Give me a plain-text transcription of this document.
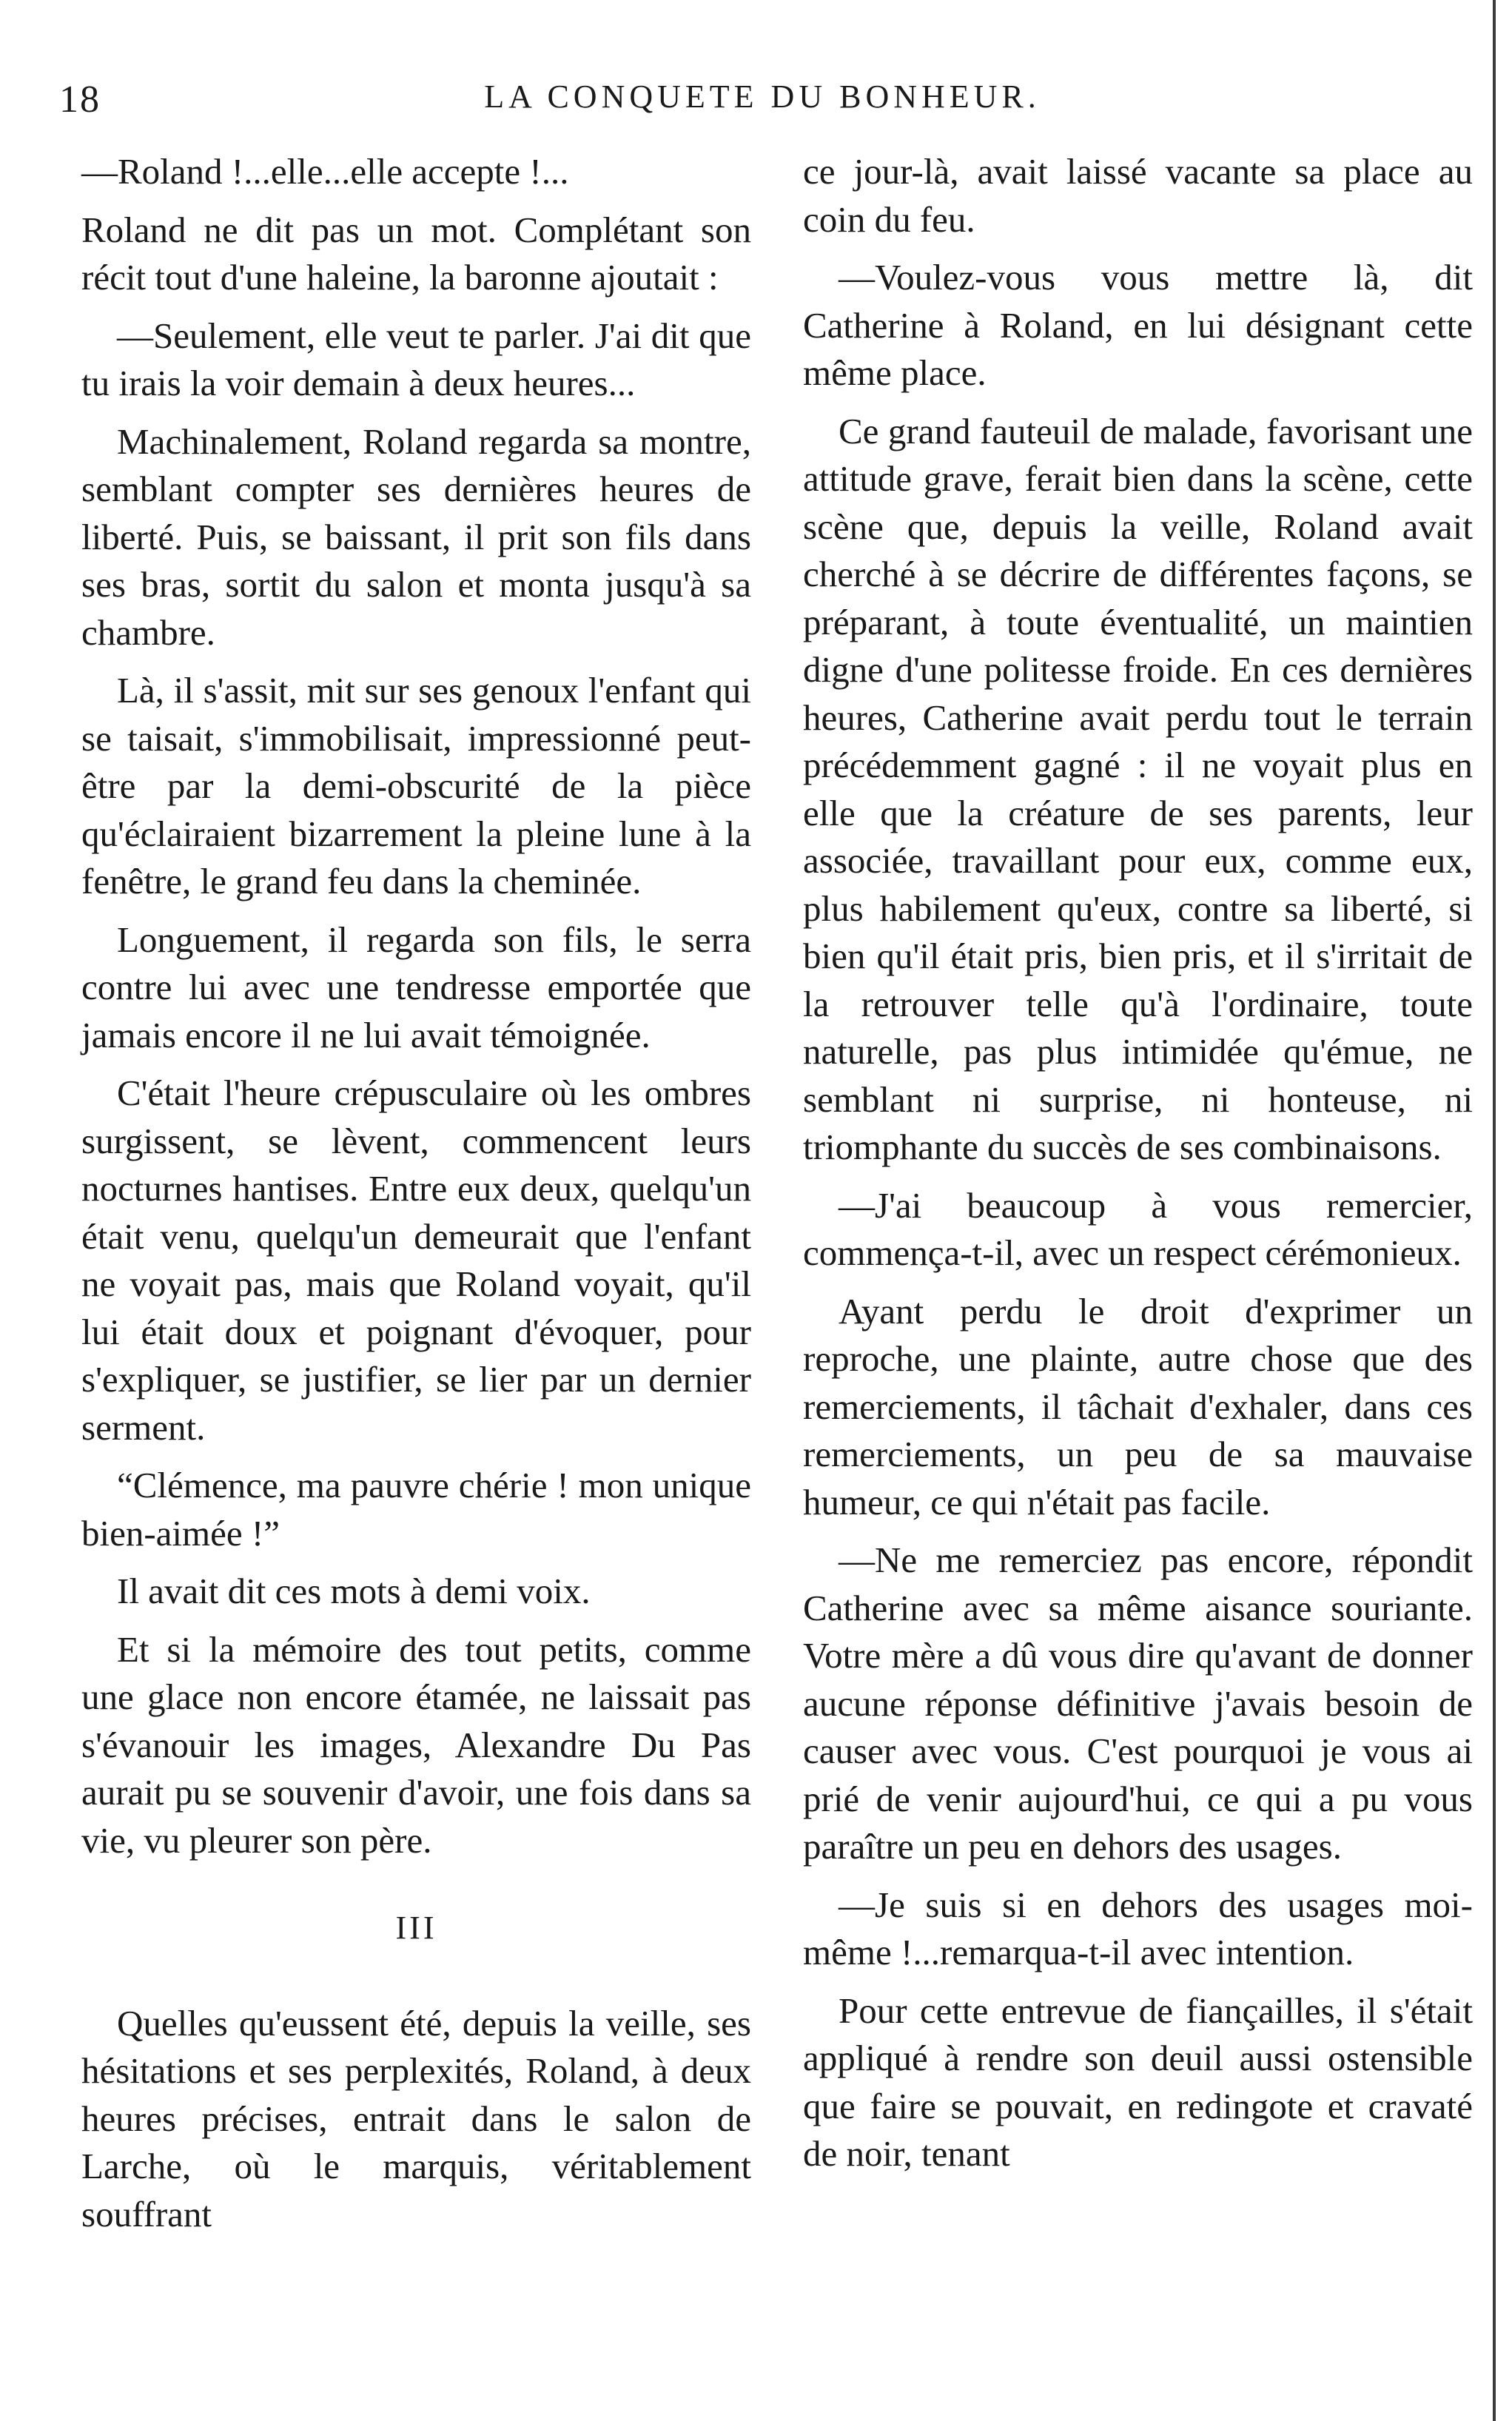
18	LA CONQUETE DU BONHEUR.

—Roland !...elle...elle accepte !...

Roland ne dit pas un mot. Complétant son récit tout d'une haleine, la baronne ajoutait :

—Seulement, elle veut te parler. J'ai dit que tu irais la voir demain à deux heures...

Machinalement, Roland regarda sa montre, semblant compter ses dernières heures de liberté. Puis, se baissant, il prit son fils dans ses bras, sortit du salon et monta jusqu'à sa chambre.

Là, il s'assit, mit sur ses genoux l'enfant qui se taisait, s'immobilisait, impressionné peut-être par la demi-obscurité de la pièce qu'éclairaient bizarrement la pleine lune à la fenêtre, le grand feu dans la cheminée.

Longuement, il regarda son fils, le serra contre lui avec une tendresse emportée que jamais encore il ne lui avait témoignée.

C'était l'heure crépusculaire où les ombres surgissent, se lèvent, commencent leurs nocturnes hantises. Entre eux deux, quelqu'un était venu, quelqu'un demeurait que l'enfant ne voyait pas, mais que Roland voyait, qu'il lui était doux et poignant d'évoquer, pour s'expliquer, se justifier, se lier par un dernier serment.

“Clémence, ma pauvre chérie ! mon unique bien-aimée !”

Il avait dit ces mots à demi voix.

Et si la mémoire des tout petits, comme une glace non encore étamée, ne laissait pas s'évanouir les images, Alexandre Du Pas aurait pu se souvenir d'avoir, une fois dans sa vie, vu pleurer son père.

III

Quelles qu'eussent été, depuis la veille, ses hésitations et ses perplexités, Roland, à deux heures précises, entrait dans le salon de Larche, où le marquis, véritablement souffrant

ce jour-là, avait laissé vacante sa place au coin du feu.

—Voulez-vous vous mettre là, dit Catherine à Roland, en lui désignant cette même place.

Ce grand fauteuil de malade, favorisant une attitude grave, ferait bien dans la scène, cette scène que, depuis la veille, Roland avait cherché à se décrire de différentes façons, se préparant, à toute éventualité, un maintien digne d'une politesse froide. En ces dernières heures, Catherine avait perdu tout le terrain précédemment gagné : il ne voyait plus en elle que la créature de ses parents, leur associée, travaillant pour eux, comme eux, plus habilement qu'eux, contre sa liberté, si bien qu'il était pris, bien pris, et il s'irritait de la retrouver telle qu'à l'ordinaire, toute naturelle, pas plus intimidée qu'émue, ne semblant ni surprise, ni honteuse, ni triomphante du succès de ses combinaisons.

—J'ai beaucoup à vous remercier, commença-t-il, avec un respect cérémonieux.

Ayant perdu le droit d'exprimer un reproche, une plainte, autre chose que des remerciements, il tâchait d'exhaler, dans ces remerciements, un peu de sa mauvaise humeur, ce qui n'était pas facile.

—Ne me remerciez pas encore, répondit Catherine avec sa même aisance souriante. Votre mère a dû vous dire qu'avant de donner aucune réponse définitive j'avais besoin de causer avec vous. C'est pourquoi je vous ai prié de venir aujourd'hui, ce qui a pu vous paraître un peu en dehors des usages.

—Je suis si en dehors des usages moi-même !...remarqua-t-il avec intention.

Pour cette entrevue de fiançailles, il s'était appliqué à rendre son deuil aussi ostensible que faire se pouvait, en redingote et cravaté de noir, tenant
